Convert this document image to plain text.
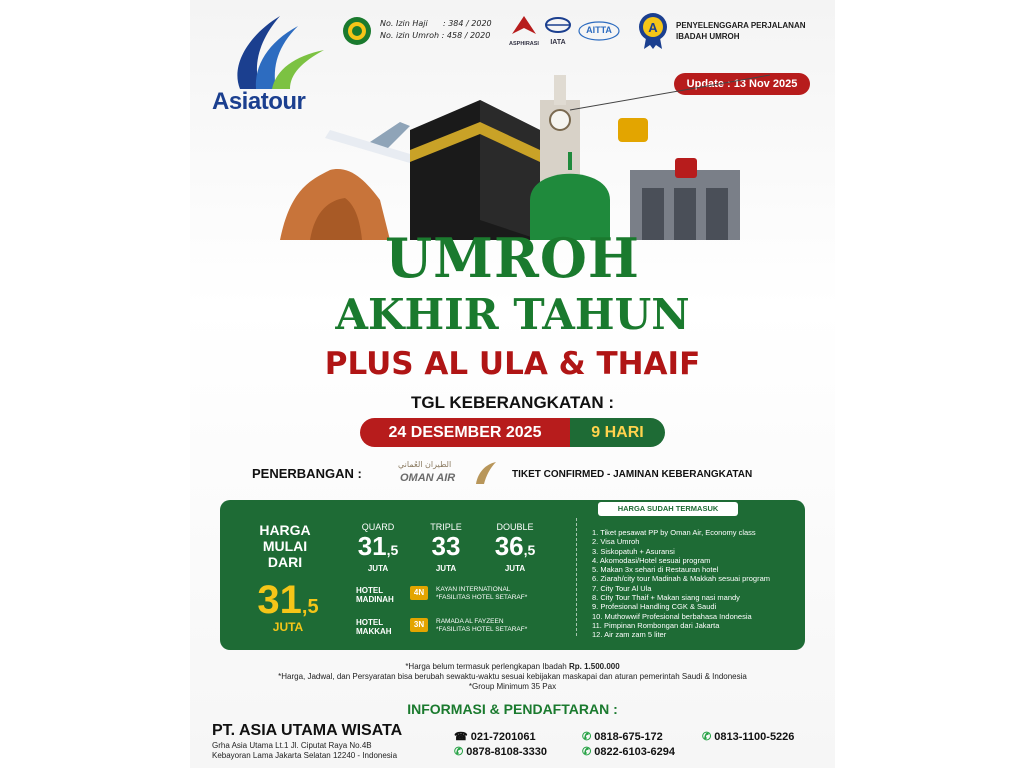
Asiatour
No. Izin Haji      : 384 / 2020
No. izin Umroh : 458 / 2020
ASPHIRASI	IATA
AITTA	A PENYELENGGARA PERJALANAN
IBADAH UMROH
Update : 13 Nov 2025
UMROH
AKHIR TAHUN
PLUS AL ULA & THAIF
TGL KEBERANGKATAN :
24 DESEMBER 2025	9 HARI
PENERBANGAN :
الطيران العُماني
OMAN AIR	TIKET CONFIRMED - JAMINAN KEBERANGKATAN
HARGA
MULAI
DARI
31,5
JUTA
QUARD
31,5
JUTA
TRIPLE
33
JUTA
DOUBLE
36,5
JUTA
HOTEL
MADINAH
4N	KAYAN INTERNATIONAL
*FASILITAS HOTEL SETARAF*
HOTEL
MAKKAH
3N	RAMADA AL FAYZEEN
*FASILITAS HOTEL SETARAF*
HARGA SUDAH TERMASUK
1. Tiket pesawat PP by Oman Air, Economy class
2. Visa Umroh
3. Siskopatuh + Asuransi
4. Akomodasi/Hotel sesuai program
5. Makan 3x sehari di Restauran hotel
6. Ziarah/city tour Madinah & Makkah sesuai program
7. City Tour Al Ula
8. City Tour Thaif + Makan siang nasi mandy
9. Profesional Handling CGK & Saudi
10. Muthowwif Profesional berbahasa Indonesia
11. Pimpinan Rombongan dari Jakarta
12. Air zam zam 5 liter
*Harga belum termasuk perlengkapan Ibadah Rp. 1.500.000
*Harga, Jadwal, dan Persyaratan bisa berubah sewaktu-waktu sesuai kebijakan maskapai dan aturan pemerintah Saudi & Indonesia
*Group Minimum 35 Pax
INFORMASI & PENDAFTARAN :
PT. ASIA UTAMA WISATA
Grha Asia Utama Lt.1 Jl. Ciputat Raya No.4B
Kebayoran Lama Jakarta Selatan 12240 - Indonesia
☎ 021-7201061
✆ 0878-8108-3330
✆ 0818-675-172
✆ 0822-6103-6294
✆ 0813-1100-5226
